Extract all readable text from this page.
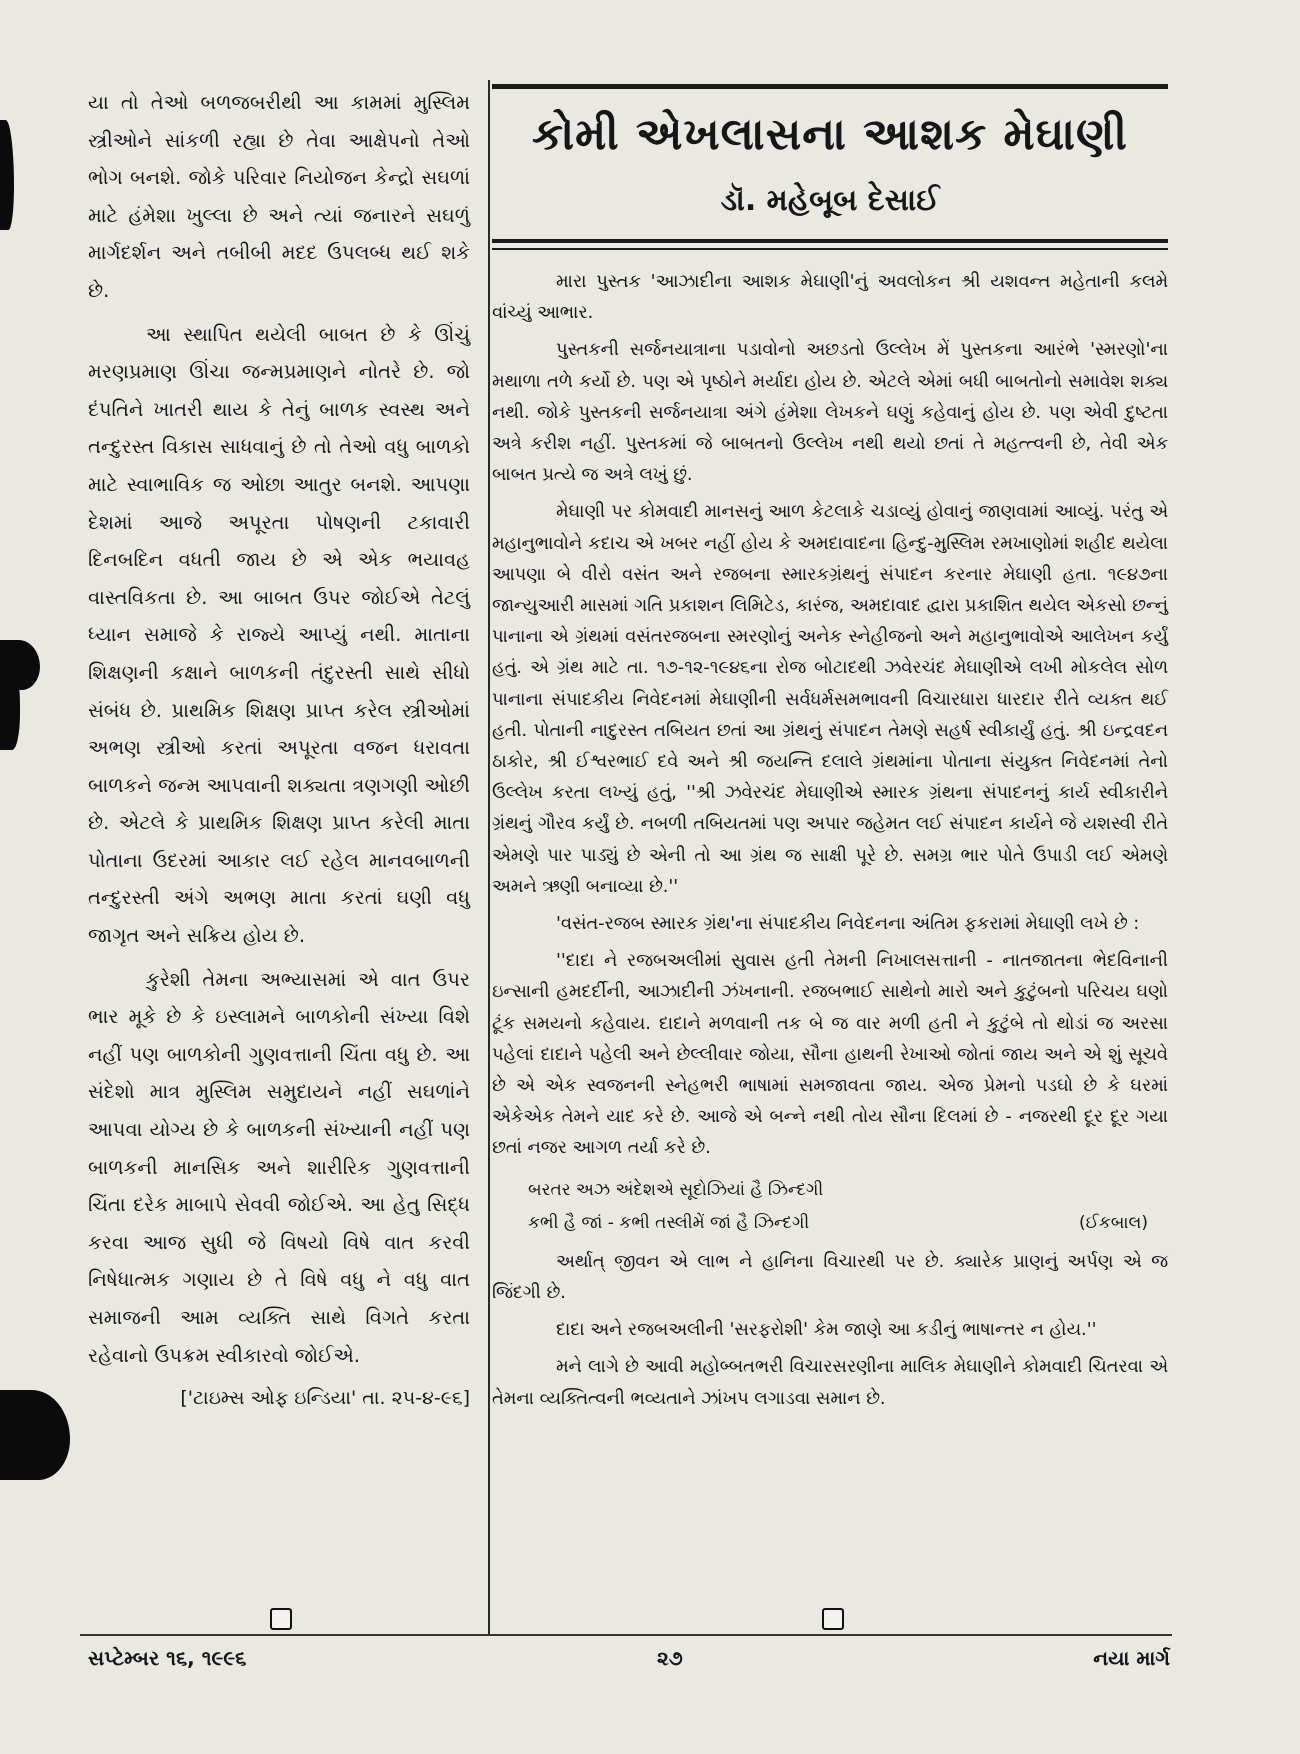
યા તો તેઓ બળજબરીથી આ કામમાં મુસ્લિમ સ્ત્રીઓને સાંકળી રહ્યા છે તેવા આક્ષેપનો તેઓ ભોગ બનશે. જોકે પરિવાર નિયોજન કેન્દ્રો સઘળાં માટે હંમેશા ખુલ્લા છે અને ત્યાં જનારને સઘળું માર્ગદર્શન અને તબીબી મદદ ઉપલબ્ધ થઈ શકે છે.

આ સ્થાપિત થયેલી બાબત છે કે ઊંચું મરણપ્રમાણ ઊંચા જન્મપ્રમાણને નોતરે છે. જો દંપતિને ખાતરી થાય કે તેનું બાળક સ્વસ્થ અને તન્દુરસ્ત વિકાસ સાધવાનું છે તો તેઓ વધુ બાળકો માટે સ્વાભાવિક જ ઓછા આતુર બનશે. આપણા દેશમાં આજે અપૂરતા પોષણની ટકાવારી દિનબદિન વધતી જાય છે એ એક ભયાવહ વાસ્તવિકતા છે. આ બાબત ઉપર જોઈએ તેટલું ધ્યાન સમાજે કે રાજ્યે આપ્યું નથી. માતાના શિક્ષણની કક્ષાને બાળકની તંદુરસ્તી સાથે સીધો સંબંધ છે. પ્રાથમિક શિક્ષણ પ્રાપ્ત કરેલ સ્ત્રીઓમાં અભણ સ્ત્રીઓ કરતાં અપૂરતા વજન ધરાવતા બાળકને જન્મ આપવાની શક્યતા ત્રણગણી ઓછી છે. એટલે કે પ્રાથમિક શિક્ષણ પ્રાપ્ત કરેલી માતા પોતાના ઉદરમાં આકાર લઈ રહેલ માનવબાળની તન્દુરસ્તી અંગે અભણ માતા કરતાં ઘણી વધુ જાગૃત અને સક્રિય હોય છે.

કુરેશી તેમના અભ્યાસમાં એ વાત ઉપર ભાર મૂકે છે કે ઇસ્લામને બાળકોની સંખ્યા વિશે નહીં પણ બાળકોની ગુણવત્તાની ચિંતા વધુ છે. આ સંદેશો માત્ર મુસ્લિમ સમુદાયને નહીં સઘળાંને આપવા યોગ્ય છે કે બાળકની સંખ્યાની નહીં પણ બાળકની માનસિક અને શારીરિક ગુણવત્તાની ચિંતા દરેક માબાપે સેવવી જોઈએ. આ હેતુ સિદ્ધ કરવા આજ સુધી જે વિષયો વિષે વાત કરવી નિષેધાત્મક ગણાય છે તે વિષે વધુ ને વધુ વાત સમાજની આમ વ્યક્તિ સાથે વિગતે કરતા રહેવાનો ઉપક્રમ સ્વીકારવો જોઈએ.

['ટાઇમ્સ ઓફ ઇન્ડિયા' તા. ૨૫-૪-૯૬]

કોમી એખલાસના આશક મેઘાણી
ડૉ. મહેબૂબ દેસાઈ

મારા પુસ્તક 'આઝાદીના આશક મેઘાણી'નું અવલોકન શ્રી યશવન્ત મહેતાની કલમે વાંચ્યું આભાર.

પુસ્તકની સર્જનયાત્રાના પડાવોનો અછડતો ઉલ્લેખ મેં પુસ્તકના આરંભે 'સ્મરણો'ના મથાળા તળે કર્યો છે. પણ એ પૃષ્ઠોને મર્યાદા હોય છે. એટલે એમાં બધી બાબતોનો સમાવેશ શક્ય નથી. જોકે પુસ્તકની સર્જનયાત્રા અંગે હંમેશા લેખકને ઘણું કહેવાનું હોય છે. પણ એવી દુષ્ટતા અત્રે કરીશ નહીં. પુસ્તકમાં જે બાબતનો ઉલ્લેખ નથી થયો છતાં તે મહત્ત્વની છે, તેવી એક બાબત પ્રત્યે જ અત્રે લખું છું.

મેઘાણી પર કોમવાદી માનસનું આળ કેટલાકે ચડાવ્યું હોવાનું જાણવામાં આવ્યું. પરંતુ એ મહાનુભાવોને કદાચ એ ખબર નહીં હોય કે અમદાવાદના હિન્દુ-મુસ્લિમ રમખાણોમાં શહીદ થયેલા આપણા બે વીરો વસંત અને રજબના સ્મારકગ્રંથનું સંપાદન કરનાર મેઘાણી હતા. ૧૯૪૭ના જાન્યુઆરી માસમાં ગતિ પ્રકાશન લિમિટેડ, કારંજ, અમદાવાદ દ્વારા પ્રકાશિત થયેલ એકસો છન્નું પાનાના એ ગ્રંથમાં વસંતરજબના સ્મરણોનું અનેક સ્નેહીજનો અને મહાનુભાવોએ આલેખન કર્યું હતું. એ ગ્રંથ માટે તા. ૧૭-૧૨-૧૯૪૬ના રોજ બોટાદથી ઝવેરચંદ મેઘાણીએ લખી મોકલેલ સોળ પાનાના સંપાદકીય નિવેદનમાં મેઘાણીની સર્વધર્મસમભાવની વિચારધારા ધારદાર રીતે વ્યક્ત થઈ હતી. પોતાની નાદુરસ્ત તબિયત છતાં આ ગ્રંથનું સંપાદન તેમણે સહર્ષ સ્વીકાર્યું હતું. શ્રી ઇન્દ્રવદન ઠાકોર, શ્રી ઈશ્વરભાઈ દવે અને શ્રી જયન્તિ દલાલે ગ્રંથમાંના પોતાના સંયુક્ત નિવેદનમાં તેનો ઉલ્લેખ કરતા લખ્યું હતું, ''શ્રી ઝવેરચંદ મેઘાણીએ સ્મારક ગ્રંથના સંપાદનનું કાર્ય સ્વીકારીને ગ્રંથનું ગૌરવ કર્યું છે. નબળી તબિયતમાં પણ અપાર જહેમત લઈ સંપાદન કાર્યને જે યશસ્વી રીતે એમણે પાર પાડ્યું છે એની તો આ ગ્રંથ જ સાક્ષી પૂરે છે. સમગ્ર ભાર પોતે ઉપાડી લઈ એમણે અમને ઋણી બનાવ્યા છે.''

'વસંત-રજબ સ્મારક ગ્રંથ'ના સંપાદકીય નિવેદનના અંતિમ ફકરામાં મેઘાણી લખે છે :

''દાદા ને રજબઅલીમાં સુવાસ હતી તેમની નિખાલસત્તાની - નાતજાતના ભેદવિનાની ઇન્સાની હમદર્દીની, આઝાદીની ઝંખનાની. રજબભાઈ સાથેનો મારો અને કુટુંબનો પરિચય ઘણો ટૂંક સમયનો કહેવાય. દાદાને મળવાની તક બે જ વાર મળી હતી ને કુટુંબે તો થોડાં જ અરસા પહેલાં દાદાને પહેલી અને છેલ્લીવાર જોયા, સૌના હાથની રેખાઓ જોતાં જાય અને એ શું સૂચવે છે એ એક સ્વજનની સ્નેહભરી ભાષામાં સમજાવતા જાય. એજ પ્રેમનો પડઘો છે કે ઘરમાં એકેએક તેમને યાદ કરે છે. આજે એ બન્ને નથી તોય સૌના દિલમાં છે - નજરથી દૂર દૂર ગયા છતાં નજર આગળ તર્યા કરે છે.

બરતર અઝ અંદેશએ સૂદોઝિયાં હૈ ઝિન્દગી
કભી હૈ જાં - કભી તસ્લીમેં જાં હૈ ઝિન્દગી	(ઈકબાલ)

અર્થાત્ જીવન એ લાભ ને હાનિના વિચારથી પર છે. ક્યારેક પ્રાણનું અર્પણ એ જ જિંદગી છે.

દાદા અને રજબઅલીની 'સરફરોશી' કેમ જાણે આ કડીનું ભાષાન્તર ન હોય.''

મને લાગે છે આવી મહોબ્બતભરી વિચારસરણીના માલિક મેઘાણીને કોમવાદી ચિતરવા એ તેમના વ્યક્તિત્વની ભવ્યતાને ઝાંખપ લગાડવા સમાન છે.

સપ્ટેમ્બર ૧૬, ૧૯૯૬	૨૭	નયા માર્ગ
